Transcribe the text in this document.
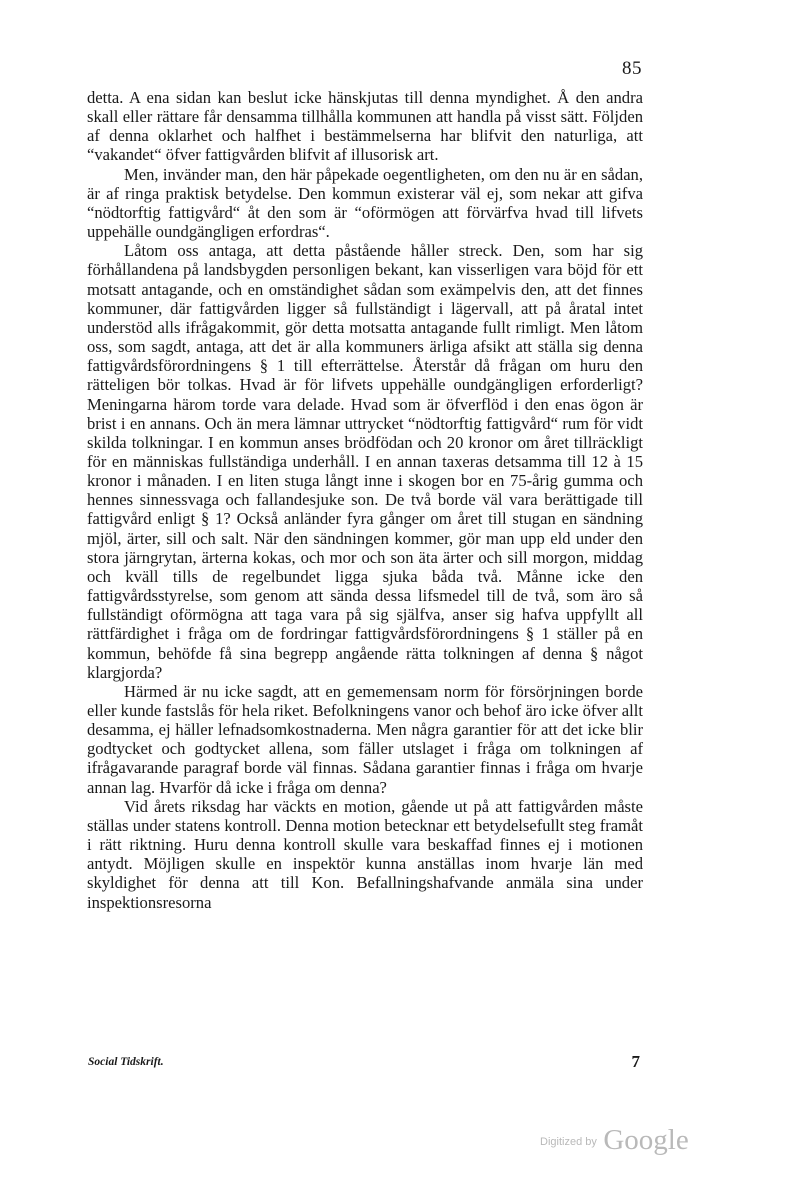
85

detta. A ena sidan kan beslut icke hänskjutas till denna myndighet. Å den andra skall eller rättare får densamma tillhålla kommunen att handla på visst sätt. Följden af denna oklarhet och halfhet i bestämmelserna har blifvit den naturliga, att “vakandet“ öfver fattigvården blifvit af illusorisk art.

Men, invänder man, den här påpekade oegentligheten, om den nu är en sådan, är af ringa praktisk betydelse. Den kommun existerar väl ej, som nekar att gifva “nödtorftig fattigvård“ åt den som är “oförmögen att förvärfva hvad till lifvets uppehälle oundgängligen erfordras“.

Låtom oss antaga, att detta påstående håller streck. Den, som har sig förhållandena på landsbygden personligen bekant, kan visserligen vara böjd för ett motsatt antagande, och en omständighet sådan som exämpelvis den, att det finnes kommuner, där fattigvården ligger så fullständigt i lägervall, att på åratal intet understöd alls ifrågakommit, gör detta motsatta antagande fullt rimligt. Men låtom oss, som sagdt, antaga, att det är alla kommuners ärliga afsikt att ställa sig denna fattigvårdsförordningens § 1 till efterrättelse. Återstår då frågan om huru den rätteligen bör tolkas. Hvad är för lifvets uppehälle oundgängligen erforderligt? Meningarna härom torde vara delade. Hvad som är öfverflöd i den enas ögon är brist i en annans. Och än mera lämnar uttrycket “nödtorftig fattigvård“ rum för vidt skilda tolkningar. I en kommun anses brödfödan och 20 kronor om året tillräckligt för en människas fullständiga underhåll. I en annan taxeras detsamma till 12 à 15 kronor i månaden. I en liten stuga långt inne i skogen bor en 75-årig gumma och hennes sinnessvaga och fallandesjuke son. De två borde väl vara berättigade till fattigvård enligt § 1? Också anländer fyra gånger om året till stugan en sändning mjöl, ärter, sill och salt. När den sändningen kommer, gör man upp eld under den stora järngrytan, ärterna kokas, och mor och son äta ärter och sill morgon, middag och kväll tills de regelbundet ligga sjuka båda två. Månne icke den fattigvårdsstyrelse, som genom att sända dessa lifsmedel till de två, som äro så fullständigt oförmögna att taga vara på sig själfva, anser sig hafva uppfyllt all rättfärdighet i fråga om de fordringar fattigvårdsförordningens § 1 ställer på en kommun, behöfde få sina begrepp angående rätta tolkningen af denna § något klargjorda?

Härmed är nu icke sagdt, att en gememensam norm för försörjningen borde eller kunde fastslås för hela riket. Befolkningens vanor och behof äro icke öfver allt desamma, ej häller lefnadsomkostnaderna. Men några garantier för att det icke blir godtycket och godtycket allena, som fäller utslaget i fråga om tolkningen af ifrågavarande paragraf borde väl finnas. Sådana garantier finnas i fråga om hvarje annan lag. Hvarför då icke i fråga om denna?

Vid årets riksdag har väckts en motion, gående ut på att fattigvården måste ställas under statens kontroll. Denna motion betecknar ett betydelsefullt steg framåt i rätt riktning. Huru denna kontroll skulle vara beskaffad finnes ej i motionen antydt. Möjligen skulle en inspektör kunna anställas inom hvarje län med skyldighet för denna att till Kon. Befallningshafvande anmäla sina under inspektionsresorna

Social Tidskrift.	7
$^{Digitized by}$ Google
